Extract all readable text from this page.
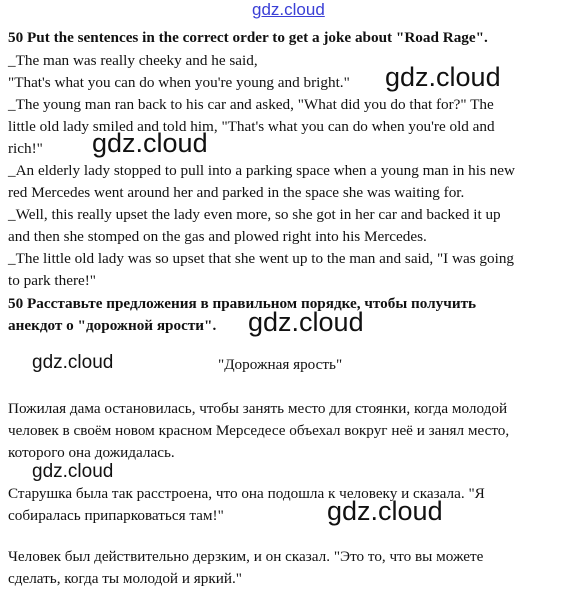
gdz.cloud
50 Put the sentences in the correct order to get a joke about "Road Rage".
_The man was really cheeky and he said,
"That's what you can do when you're young and bright."
_The young man ran back to his car and asked, "What did you do that for?" The
little old lady smiled and told him, "That's what you can do when you're old and
rich!"
_An elderly lady stopped to pull into a parking space when a young man in his new
red Mercedes went around her and parked in the space she was waiting for.
_Well, this really upset the lady even more, so she got in her car and backed it up
and then she stomped on the gas and plowed right into his Mercedes.
_The little old lady was so upset that she went up to the man and said, "I was going
to park there!"
50 Расставьте предложения в правильном порядке, чтобы получить
анекдот о "дорожной ярости".
"Дорожная ярость"
Пожилая дама остановилась, чтобы занять место для стоянки, когда молодой
человек в своём новом красном Мерседесе объехал вокруг неё и занял место,
которого она дожидалась.
Старушка была так расстроена, что она подошла к человеку и сказала. "Я
собиралась припарковаться там!"
Человек был действительно дерзким, и он сказал. "Это то, что вы можете
сделать, когда ты молодой и яркий."
gdz.cloud
gdz.cloud
gdz.cloud
gdz.cloud
gdz.cloud
gdz.cloud
